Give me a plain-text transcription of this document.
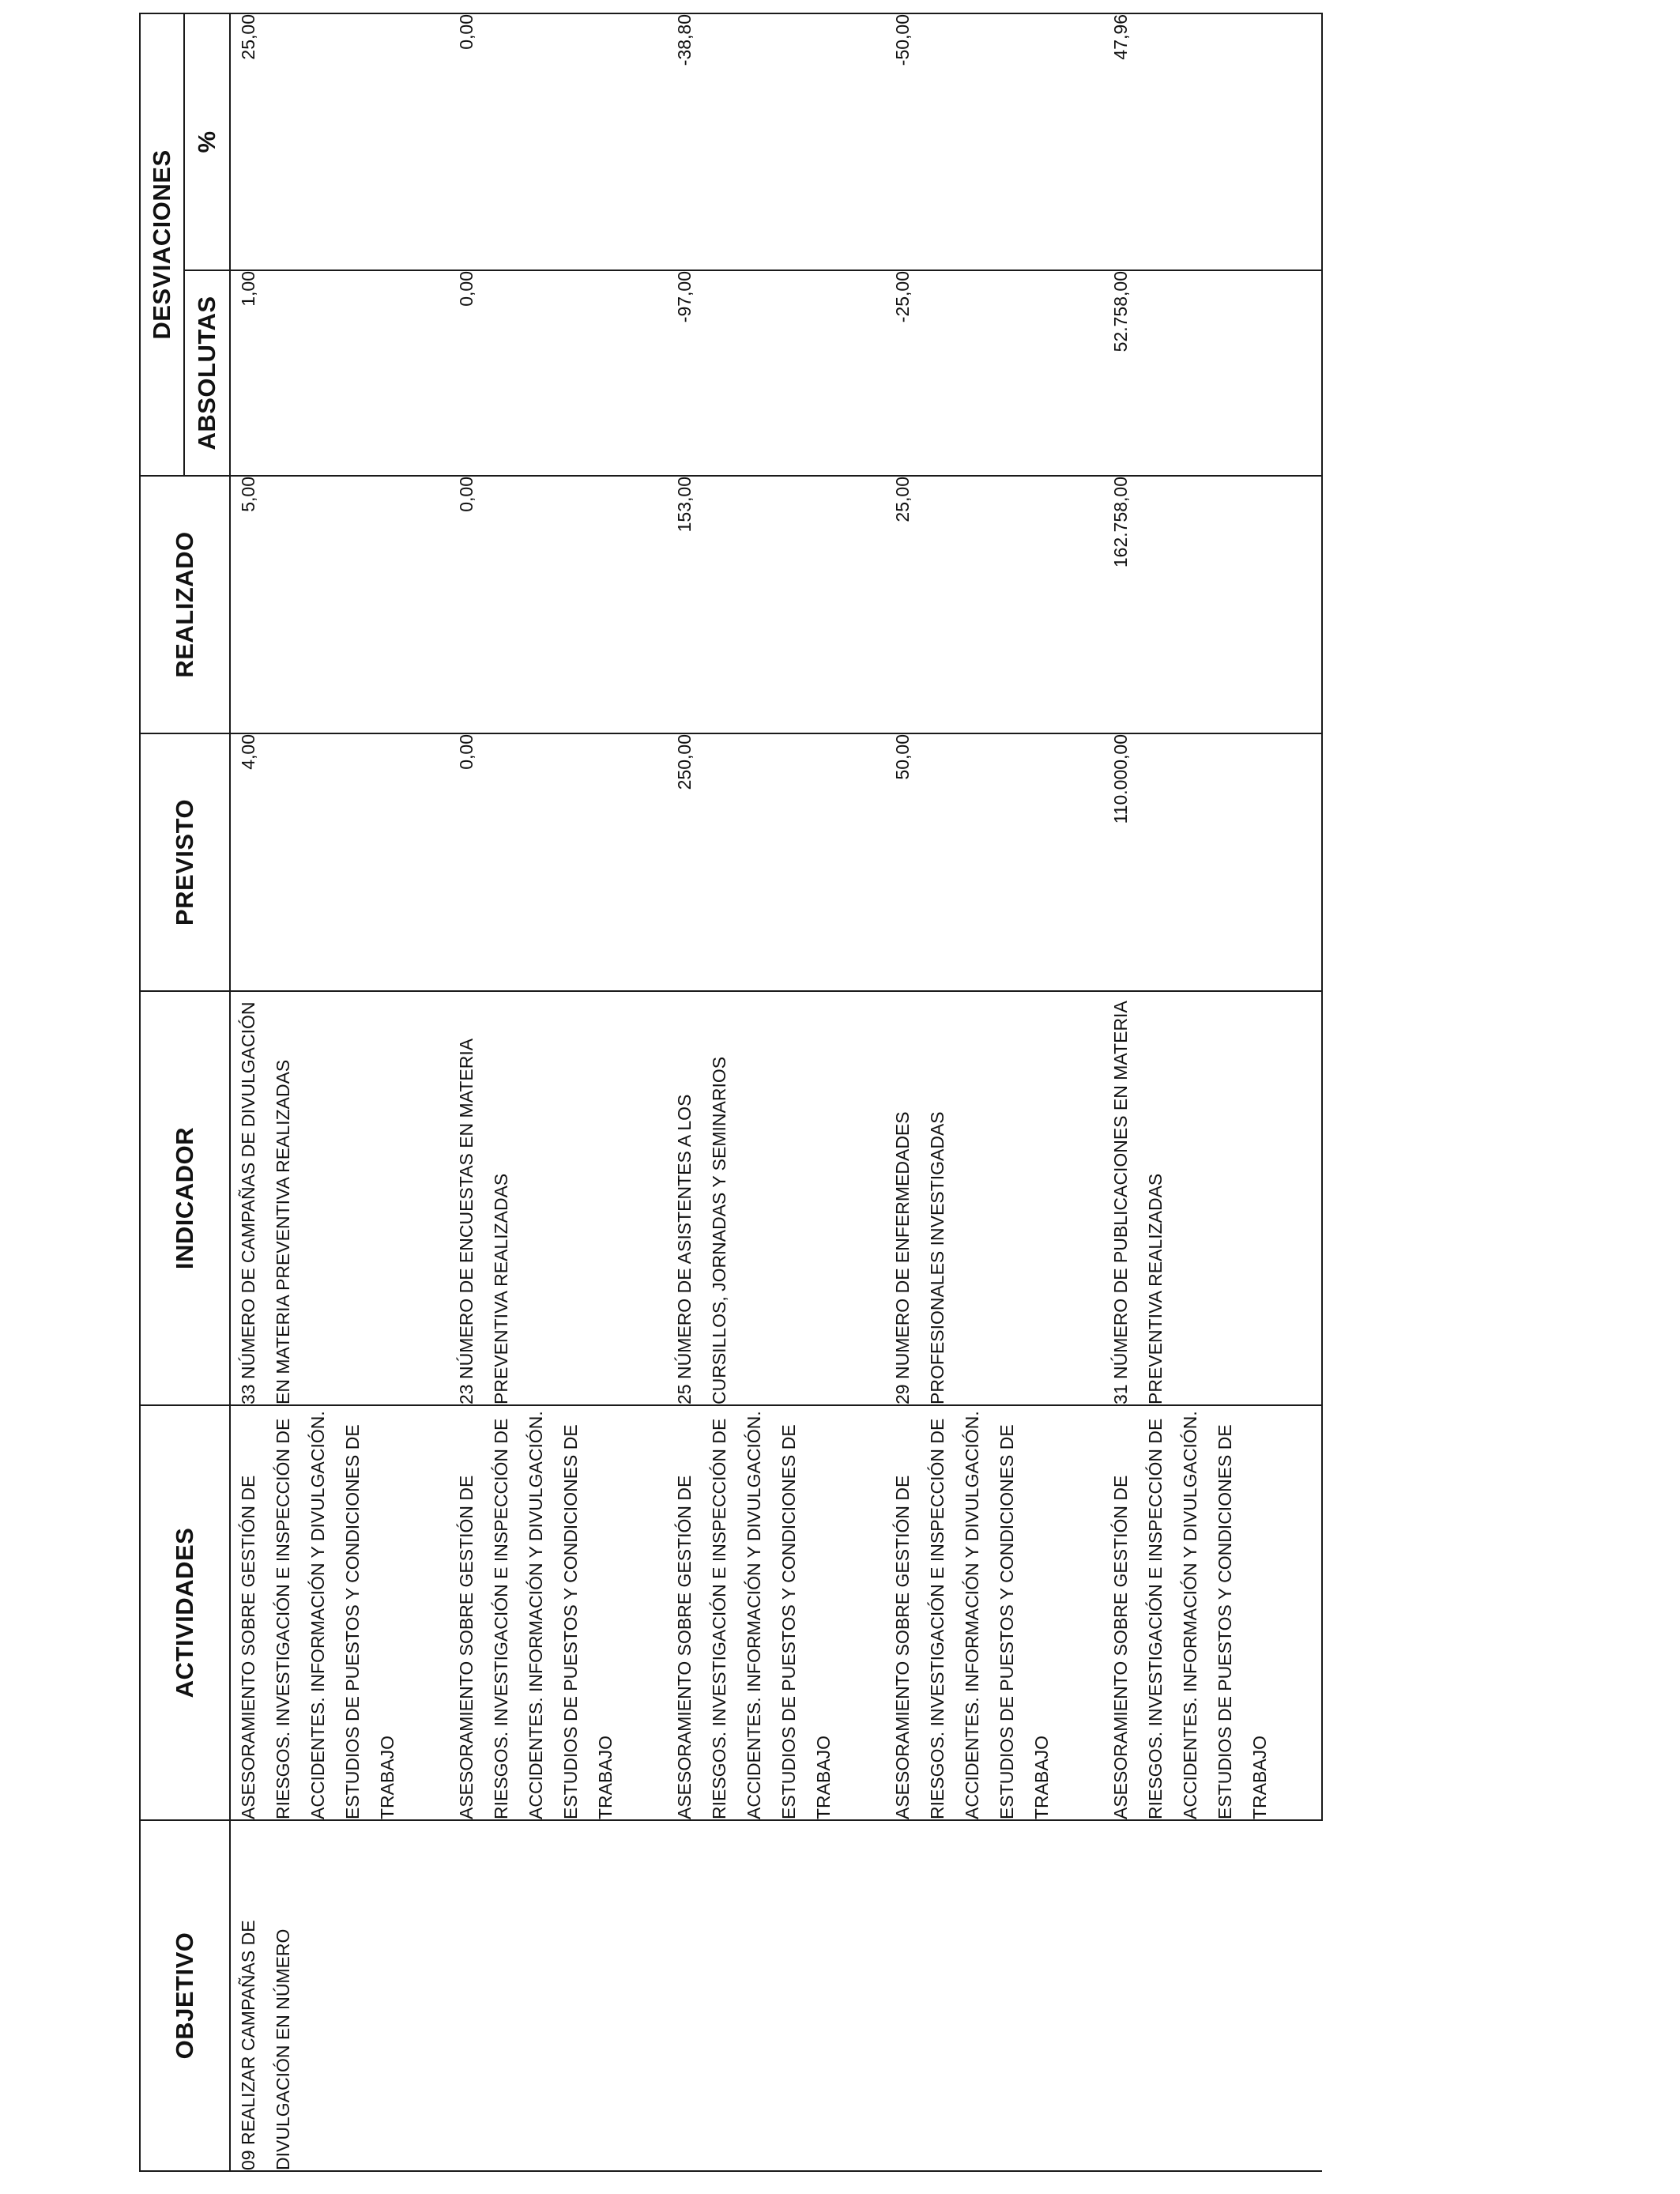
OBJETIVO	ACTIVIDADES	INDICADOR	PREVISTO	REALIZADO	DESVIACIONES	
					ABSOLUTAS	%
09 REALIZAR CAMPAÑAS DE DIVULGACIÓN EN NÚMERO	ASESORAMIENTO SOBRE GESTIÓN DE RIESGOS. INVESTIGACIÓN E INSPECCIÓN DE ACCIDENTES. INFORMACIÓN Y DIVULGACIÓN. ESTUDIOS DE PUESTOS Y CONDICIONES DE TRABAJO	33 NÚMERO DE CAMPAÑAS DE DIVULGACIÓN EN MATERIA PREVENTIVA REALIZADAS	4,00	5,00	1,00	25,00
	ASESORAMIENTO SOBRE GESTIÓN DE RIESGOS. INVESTIGACIÓN E INSPECCIÓN DE ACCIDENTES. INFORMACIÓN Y DIVULGACIÓN. ESTUDIOS DE PUESTOS Y CONDICIONES DE TRABAJO	23 NÚMERO DE ENCUESTAS EN MATERIA PREVENTIVA REALIZADAS	0,00	0,00	0,00	0,00
	ASESORAMIENTO SOBRE GESTIÓN DE RIESGOS. INVESTIGACIÓN E INSPECCIÓN DE ACCIDENTES. INFORMACIÓN Y DIVULGACIÓN. ESTUDIOS DE PUESTOS Y CONDICIONES DE TRABAJO	25 NÚMERO DE ASISTENTES A LOS CURSILLOS, JORNADAS Y SEMINARIOS	250,00	153,00	-97,00	-38,80
	ASESORAMIENTO SOBRE GESTIÓN DE RIESGOS. INVESTIGACIÓN E INSPECCIÓN DE ACCIDENTES. INFORMACIÓN Y DIVULGACIÓN. ESTUDIOS DE PUESTOS Y CONDICIONES DE TRABAJO	29 NUMERO DE ENFERMEDADES PROFESIONALES INVESTIGADAS	50,00	25,00	-25,00	-50,00
	ASESORAMIENTO SOBRE GESTIÓN DE RIESGOS. INVESTIGACIÓN E INSPECCIÓN DE ACCIDENTES. INFORMACIÓN Y DIVULGACIÓN. ESTUDIOS DE PUESTOS Y CONDICIONES DE TRABAJO	31 NÚMERO DE PUBLICACIONES EN MATERIA PREVENTIVA REALIZADAS	110.000,00	162.758,00	52.758,00	47,96
